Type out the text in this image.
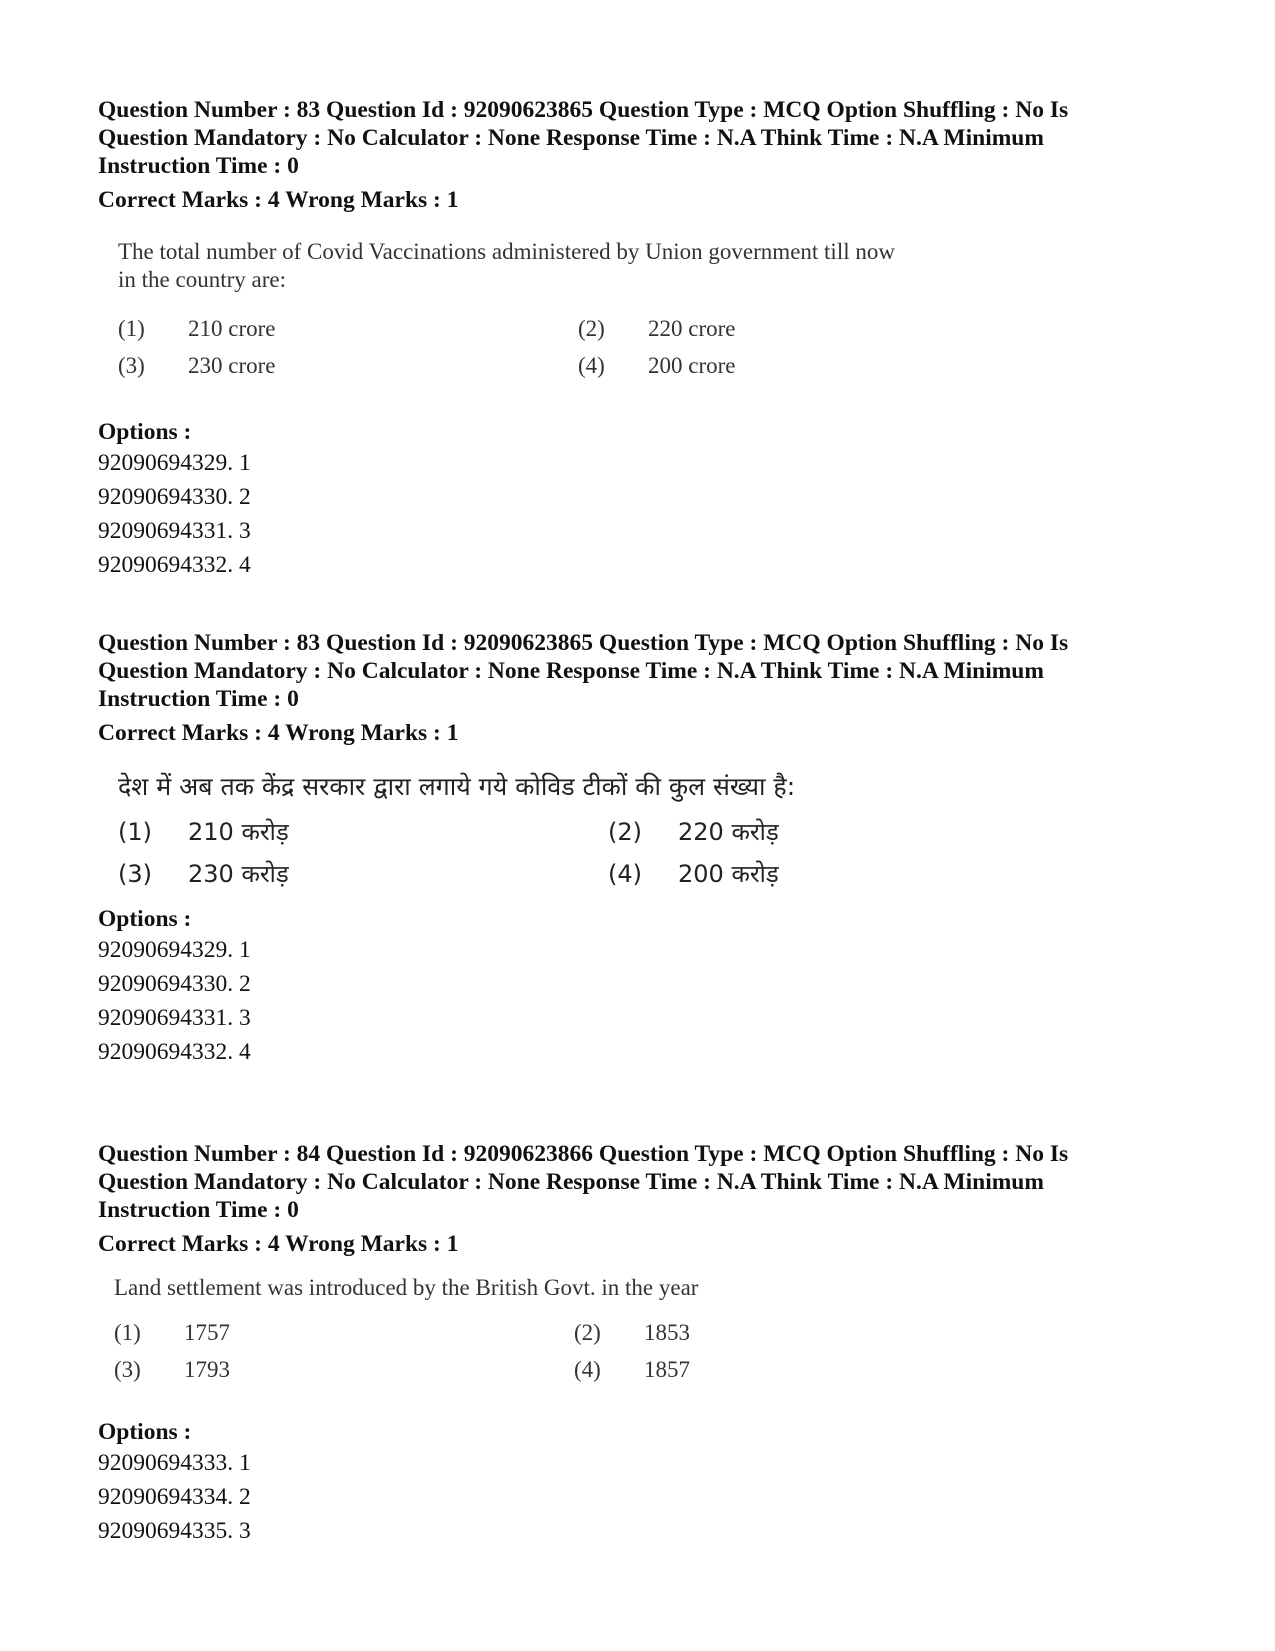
Question Number : 83 Question Id : 92090623865 Question Type : MCQ Option Shuffling : No Is
Question Mandatory : No Calculator : None Response Time : N.A Think Time : N.A Minimum
Instruction Time : 0
Correct Marks : 4 Wrong Marks : 1
The total number of Covid Vaccinations administered by Union government till now
in the country are:
(1)	210 crore	(2)	220 crore
(3)	230 crore	(4)	200 crore
Options :
92090694329. 1
92090694330. 2
92090694331. 3
92090694332. 4
Question Number : 83 Question Id : 92090623865 Question Type : MCQ Option Shuffling : No Is
Question Mandatory : No Calculator : None Response Time : N.A Think Time : N.A Minimum
Instruction Time : 0
Correct Marks : 4 Wrong Marks : 1
देश में अब तक केंद्र सरकार द्वारा लगाये गये कोविड टीकों की कुल संख्या है:
(1)	210 करोड़	(2)	220 करोड़
(3)	230 करोड़	(4)	200 करोड़
Options :
92090694329. 1
92090694330. 2
92090694331. 3
92090694332. 4
Question Number : 84 Question Id : 92090623866 Question Type : MCQ Option Shuffling : No Is
Question Mandatory : No Calculator : None Response Time : N.A Think Time : N.A Minimum
Instruction Time : 0
Correct Marks : 4 Wrong Marks : 1
Land settlement was introduced by the British Govt. in the year
(1)	1757	(2)	1853
(3)	1793	(4)	1857
Options :
92090694333. 1
92090694334. 2
92090694335. 3
